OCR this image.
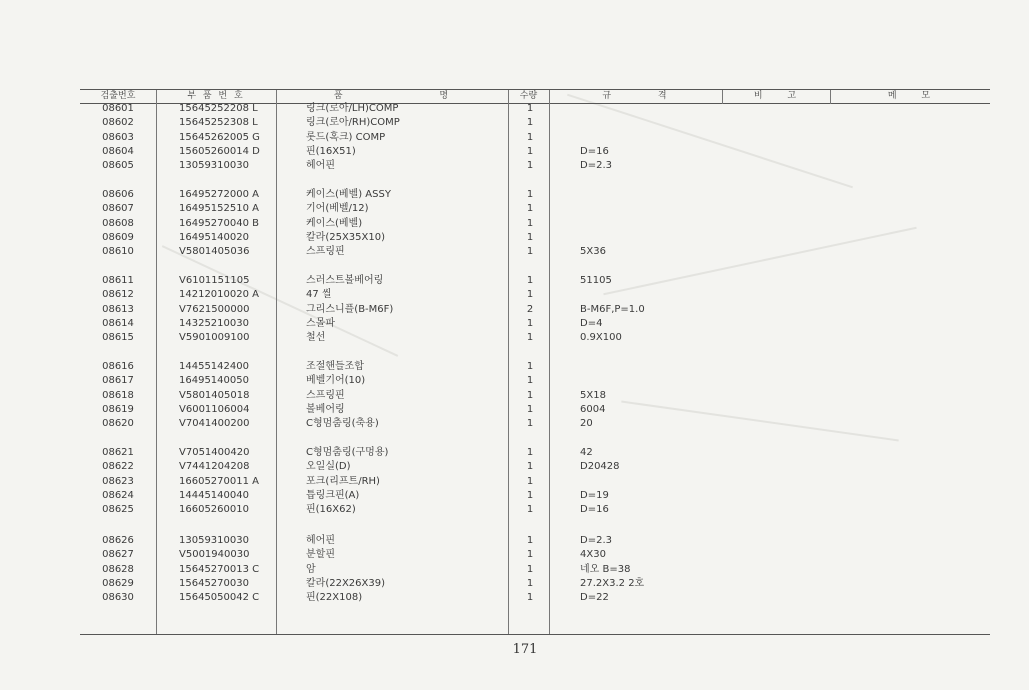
검출번호	부 품 번 호	품 명	수량	규 격	비 고	메 모
08601	15645252208 L	링크(로아/LH)COMP	1
08602	15645252308 L	링크(로아/RH)COMP	1
08603	15645262005 G	롯드(혹크) COMP	1
08604	15605260014 D	핀(16X51)	1	D=16
08605	13059310030	헤어핀	1	D=2.3
08606	16495272000 A	케이스(베벨) ASSY	1
08607	16495152510 A	기어(베벨/12)	1
08608	16495270040 B	케이스(베벨)	1
08609	16495140020	칼라(25X35X10)	1
08610	V5801405036	스프링핀	1	5X36
08611	V6101151105	스러스트볼베어링	1	51105
08612	14212010020 A	47 씰	1
08613	V7621500000	그리스니플(B-M6F)	2	B-M6F,P=1.0
08614	14325210030	스몰파	1	D=4
08615	V5901009100	철선	1	0.9X100
08616	14455142400	조절핸들조합	1
08617	16495140050	베벨기어(10)	1
08618	V5801405018	스프링핀	1	5X18
08619	V6001106004	볼베어링	1	6004
08620	V7041400200	C형멈춤링(축용)	1	20
08621	V7051400420	C형멈춤링(구멍용)	1	42
08622	V7441204208	오일실(D)	1	D20428
08623	16605270011 A	포크(리프트/RH)	1
08624	14445140040	틉링크핀(A)	1	D=19
08625	16605260010	핀(16X62)	1	D=16
08626	13059310030	헤어핀	1	D=2.3
08627	V5001940030	분할핀	1	4X30
08628	15645270013 C	암	1	네오 B=38
08629	15645270030	칼라(22X26X39)	1	27.2X3.2 2호
08630	15645050042 C	핀(22X108)	1	D=22
171
